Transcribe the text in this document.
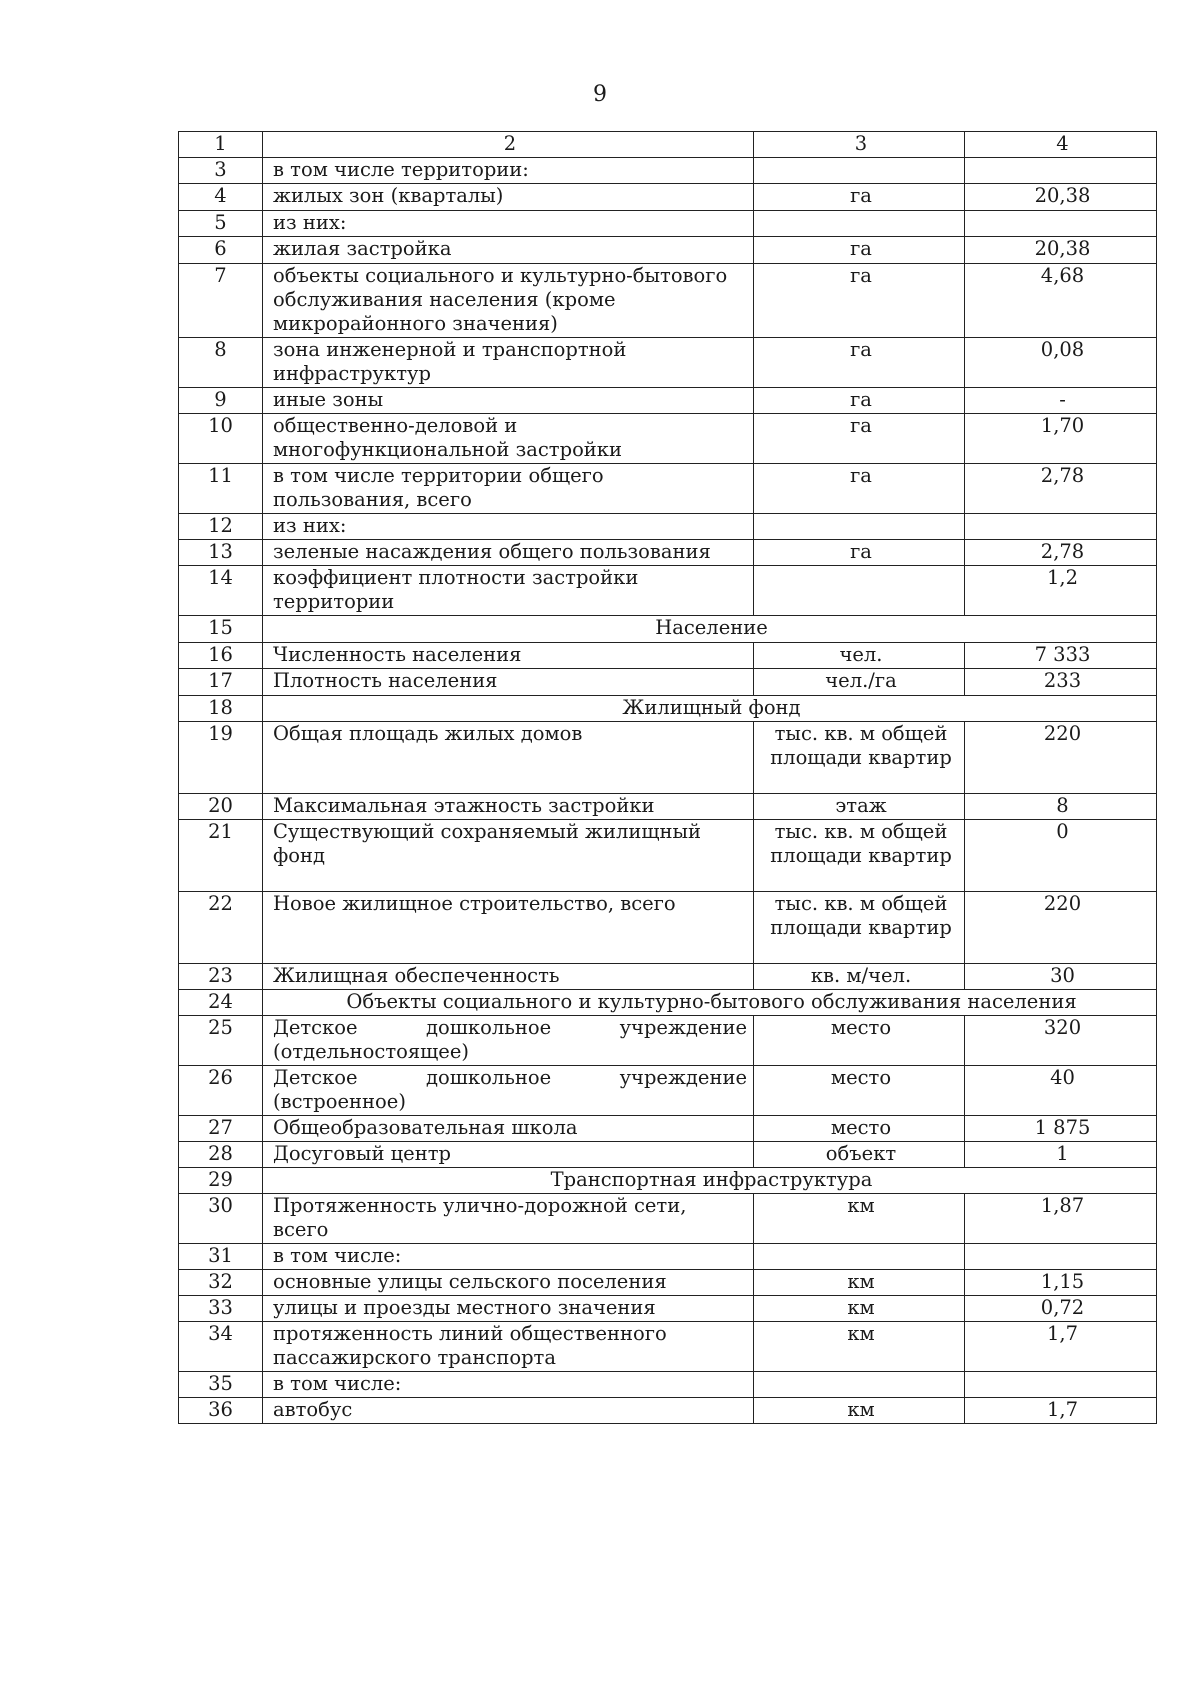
9
1	2	3	4
3	в том числе территории:		
4	жилых зон (кварталы)	га	20,38
5	из них:		
6	жилая застройка	га	20,38
7	объекты социального и культурно-бытового обслуживания населения (кроме микрорайонного значения)	га	4,68
8	зона инженерной и транспортной инфраструктур	га	0,08
9	иные зоны	га	-
10	общественно-деловой и многофункциональной застройки	га	1,70
11	в том числе территории общего пользования, всего	га	2,78
12	из них:		
13	зеленые насаждения общего пользования	га	2,78
14	коэффициент плотности застройки территории		1,2
15	Население		
16	Численность населения	чел.	7 333
17	Плотность населения	чел./га	233
18	Жилищный фонд		
19	Общая площадь жилых домов	тыс. кв. м общей площади квартир	220
20	Максимальная этажность застройки	этаж	8
21	Существующий сохраняемый жилищный фонд	тыс. кв. м общей площади квартир	0
22	Новое жилищное строительство, всего	тыс. кв. м общей площади квартир	220
23	Жилищная обеспеченность	кв. м/чел.	30
24	Объекты социального и культурно-бытового обслуживания населения		
25	Детское дошкольное учреждение (отдельностоящее)	место	320
26	Детское дошкольное учреждение (встроенное)	место	40
27	Общеобразовательная школа	место	1 875
28	Досуговый центр	объект	1
29	Транспортная инфраструктура		
30	Протяженность улично-дорожной сети, всего	км	1,87
31	в том числе:		
32	основные улицы сельского поселения	км	1,15
33	улицы и проезды местного значения	км	0,72
34	протяженность линий общественного пассажирского транспорта	км	1,7
35	в том числе:		
36	автобус	км	1,7
